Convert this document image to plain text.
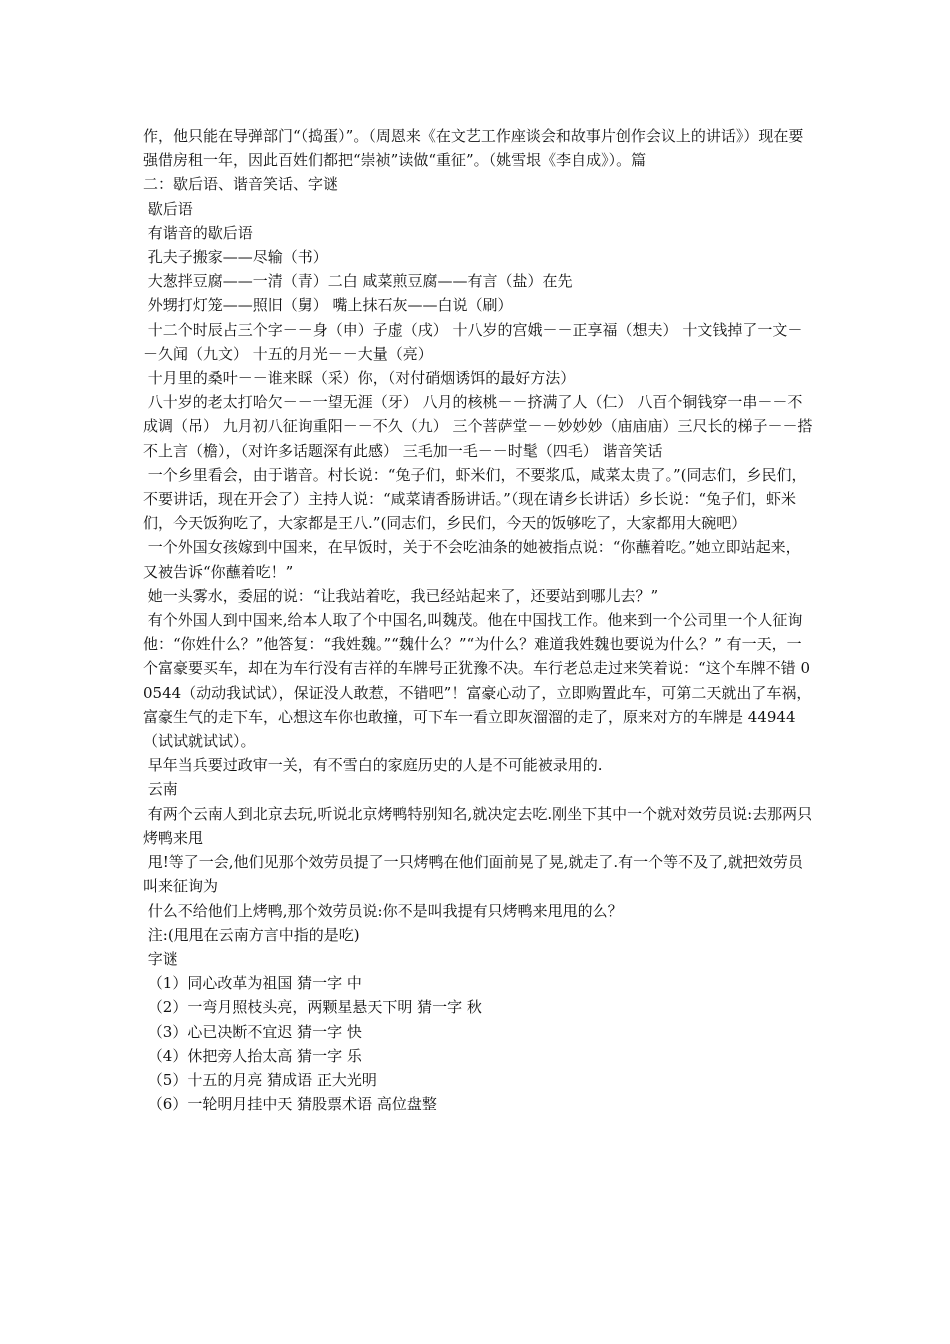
作，他只能在导弹部门“（捣蛋）”。（周恩来《在文艺工作座谈会和故事片创作会议上的讲话》）现在要强借房租一年，因此百姓们都把“崇祯”读做“重征”。（姚雪垠《李自成》）。篇

二：歇后语、谐音笑话、字谜

歇后语

有谐音的歇后语

孔夫子搬家——尽输（书）

大葱拌豆腐——一清（青）二白 咸菜煎豆腐——有言（盐）在先

外甥打灯笼——照旧（舅） 嘴上抹石灰——白说（刷）

十二个时辰占三个字－－身（申）子虚（戌） 十八岁的宫娥－－正享福（想夫） 十文钱掉了一文－－久闻（九文） 十五的月光－－大量（亮）

十月里的桑叶－－谁来睬（采）你，（对付硝烟诱饵的最好方法）

八十岁的老太打哈欠－－一望无涯（牙） 八月的核桃－－挤满了人（仁） 八百个铜钱穿一串－－不成调（吊） 九月初八征询重阳－－不久（九） 三个菩萨堂－－妙妙妙（庙庙庙）三尺长的梯子－－搭不上言（檐），（对许多话题深有此感） 三毛加一毛－－时髦（四毛） 谐音笑话

一个乡里看会，由于谐音。村长说：“兔子们，虾米们，不要浆瓜，咸菜太贵了。”(同志们，乡民们，不要讲话，现在开会了）主持人说：“咸菜请香肠讲话。”（现在请乡长讲话）乡长说：“兔子们，虾米们，今天饭狗吃了，大家都是王八.”(同志们，乡民们，今天的饭够吃了，大家都用大碗吧）

一个外国女孩嫁到中国来，在早饭时，关于不会吃油条的她被指点说：“你蘸着吃。”她立即站起来，又被告诉“你蘸着吃！”

她一头雾水，委屈的说：“让我站着吃，我已经站起来了，还要站到哪儿去？”

有个外国人到中国来,给本人取了个中国名,叫魏茂。他在中国找工作。他来到一个公司里一个人征询他：“你姓什么？”他答复：“我姓魏。”“魏什么？”“为什么？难道我姓魏也要说为什么？” 有一天，一个富豪要买车，却在为车行没有吉祥的车牌号正犹豫不决。车行老总走过来笑着说：“这个车牌不错 00544（动动我试试），保证没人敢惹，不错吧”！富豪心动了，立即购置此车，可第二天就出了车祸，富豪生气的走下车，心想这车你也敢撞，可下车一看立即灰溜溜的走了，原来对方的车牌是 44944（试试就试试）。

早年当兵要过政审一关，有不雪白的家庭历史的人是不可能被录用的.

云南

有两个云南人到北京去玩,听说北京烤鸭特别知名,就决定去吃.刚坐下其中一个就对效劳员说:去那两只烤鸭来甩

甩!等了一会,他们见那个效劳员提了一只烤鸭在他们面前晃了晃,就走了.有一个等不及了,就把效劳员叫来征询为

什么不给他们上烤鸭,那个效劳员说:你不是叫我提有只烤鸭来甩甩的么？

注:(甩甩在云南方言中指的是吃)

字谜

（1）同心改革为祖国 猜一字 中

（2）一弯月照枝头亮，两颗星悬天下明 猜一字 秋

（3）心已决断不宜迟 猜一字 快

（4）休把旁人抬太高 猜一字 乐

（5）十五的月亮 猜成语 正大光明

（6）一轮明月挂中天 猜股票术语 高位盘整
